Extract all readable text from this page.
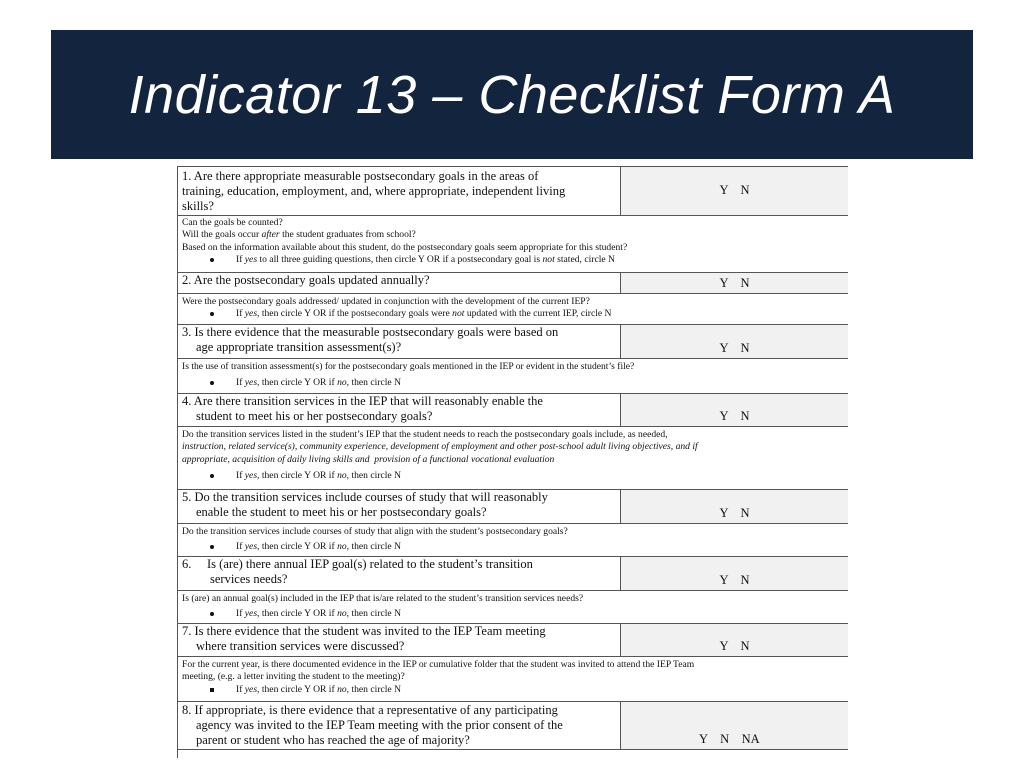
Indicator 13 – Checklist Form A
1. Are there appropriate measurable postsecondary goals in the areas of
training, education, employment, and, where appropriate, independent living
skills?	Y    N

Can the goals be counted?
Will the goals occur after the student graduates from school?
Based on the information available about this student, do the postsecondary goals seem appropriate for this student?
If yes to all three guiding questions, then circle Y OR if a postsecondary goal is not stated, circle N	

2. Are the postsecondary goals updated annually?	Y    N

Were the postsecondary goals addressed/ updated in conjunction with the development of the current IEP?
If yes, then circle Y OR if the postsecondary goals were not updated with the current IEP, circle N	

3. Is there evidence that the measurable postsecondary goals were based on
age appropriate transition assessment(s)?	Y    N

Is the use of transition assessment(s) for the postsecondary goals mentioned in the IEP or evident in the student’s file?
If yes, then circle Y OR if no, then circle N	

4. Are there transition services in the IEP that will reasonably enable the
student to meet his or her postsecondary goals?	Y    N

Do the transition services listed in the student’s IEP that the student needs to reach the postsecondary goals include, as needed,
instruction, related service(s), community experience, development of employment and other post-school adult living objectives, and if
appropriate, acquisition of daily living skills and  provision of a functional vocational evaluation
If yes, then circle Y OR if no, then circle N	

5. Do the transition services include courses of study that will reasonably
enable the student to meet his or her postsecondary goals?	Y    N

Do the transition services include courses of study that align with the student’s postsecondary goals?
If yes, then circle Y OR if no, then circle N	

6.     Is (are) there annual IEP goal(s) related to the student’s transition
services needs?	Y    N

Is (are) an annual goal(s) included in the IEP that is/are related to the student’s transition services needs?
If yes, then circle Y OR if no, then circle N	

7. Is there evidence that the student was invited to the IEP Team meeting
where transition services were discussed?	Y    N

For the current year, is there documented evidence in the IEP or cumulative folder that the student was invited to attend the IEP Team
meeting, (e.g. a letter inviting the student to the meeting)?
If yes, then circle Y OR if no, then circle N	

8. If appropriate, is there evidence that a representative of any participating
agency was invited to the IEP Team meeting with the prior consent of the parent or student who has reached the age of majority?	Y    N    NA
